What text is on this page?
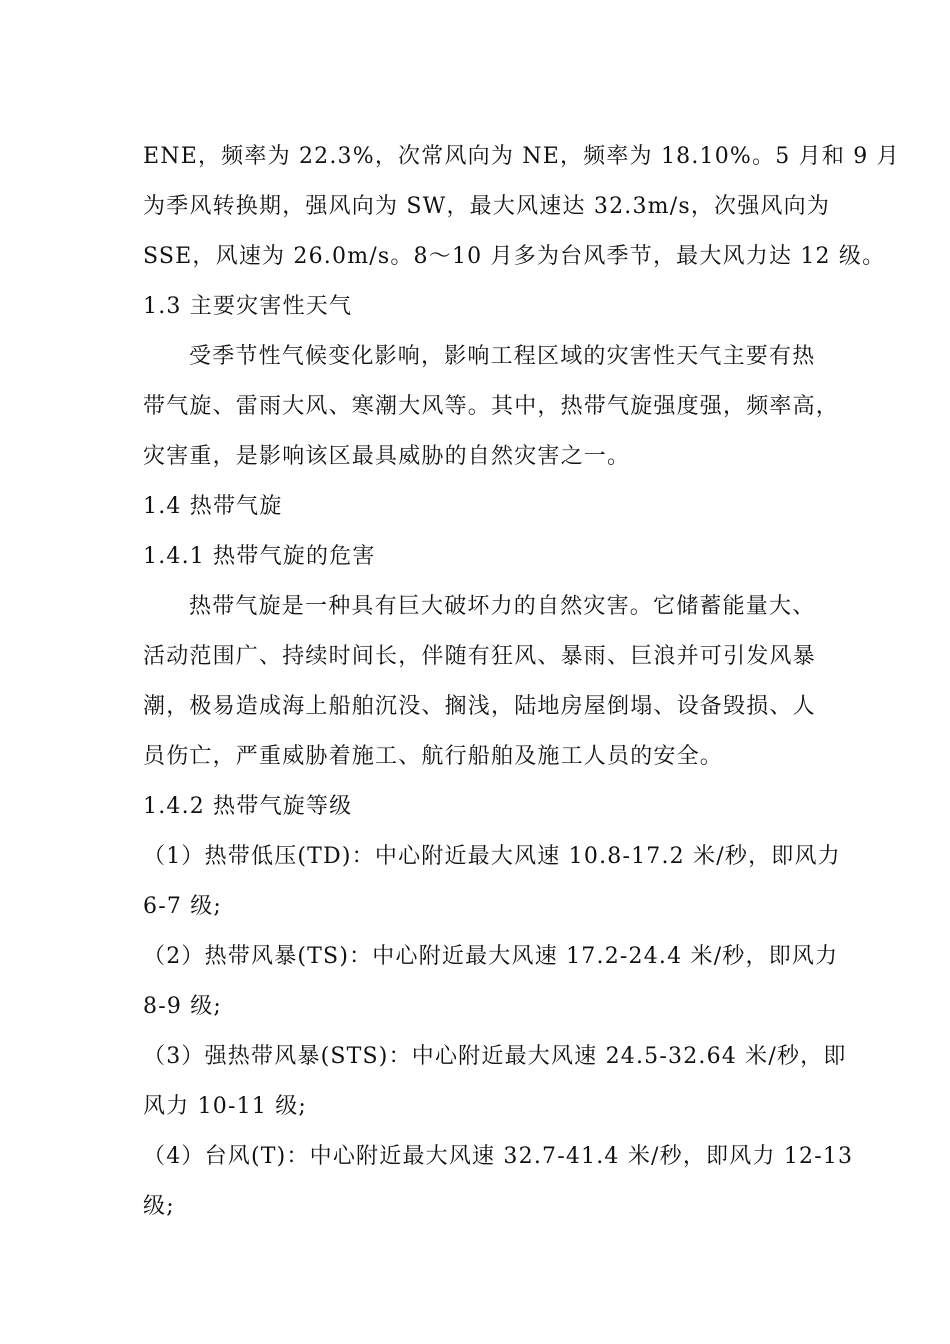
ENE，频率为 22.3%，次常风向为 NE，频率为 18.10%。5 月和 9 月
为季风转换期，强风向为 SW，最大风速达 32.3m/s，次强风向为
SSE，风速为 26.0m/s。8～10 月多为台风季节，最大风力达 12 级。
1.3 主要灾害性天气
受季节性气候变化影响，影响工程区域的灾害性天气主要有热
带气旋、雷雨大风、寒潮大风等。其中，热带气旋强度强，频率高，
灾害重，是影响该区最具威胁的自然灾害之一。
1.4 热带气旋
1.4.1 热带气旋的危害
热带气旋是一种具有巨大破坏力的自然灾害。它储蓄能量大、
活动范围广、持续时间长，伴随有狂风、暴雨、巨浪并可引发风暴
潮，极易造成海上船舶沉没、搁浅，陆地房屋倒塌、设备毁损、人
员伤亡，严重威胁着施工、航行船舶及施工人员的安全。
1.4.2 热带气旋等级
（1）热带低压(TD)：中心附近最大风速 10.8-17.2 米/秒，即风力
6-7 级;
（2）热带风暴(TS)：中心附近最大风速 17.2-24.4 米/秒，即风力
8-9 级;
（3）强热带风暴(STS)：中心附近最大风速 24.5-32.64 米/秒，即
风力 10-11 级;
（4）台风(T)：中心附近最大风速 32.7-41.4 米/秒，即风力 12-13
级;
